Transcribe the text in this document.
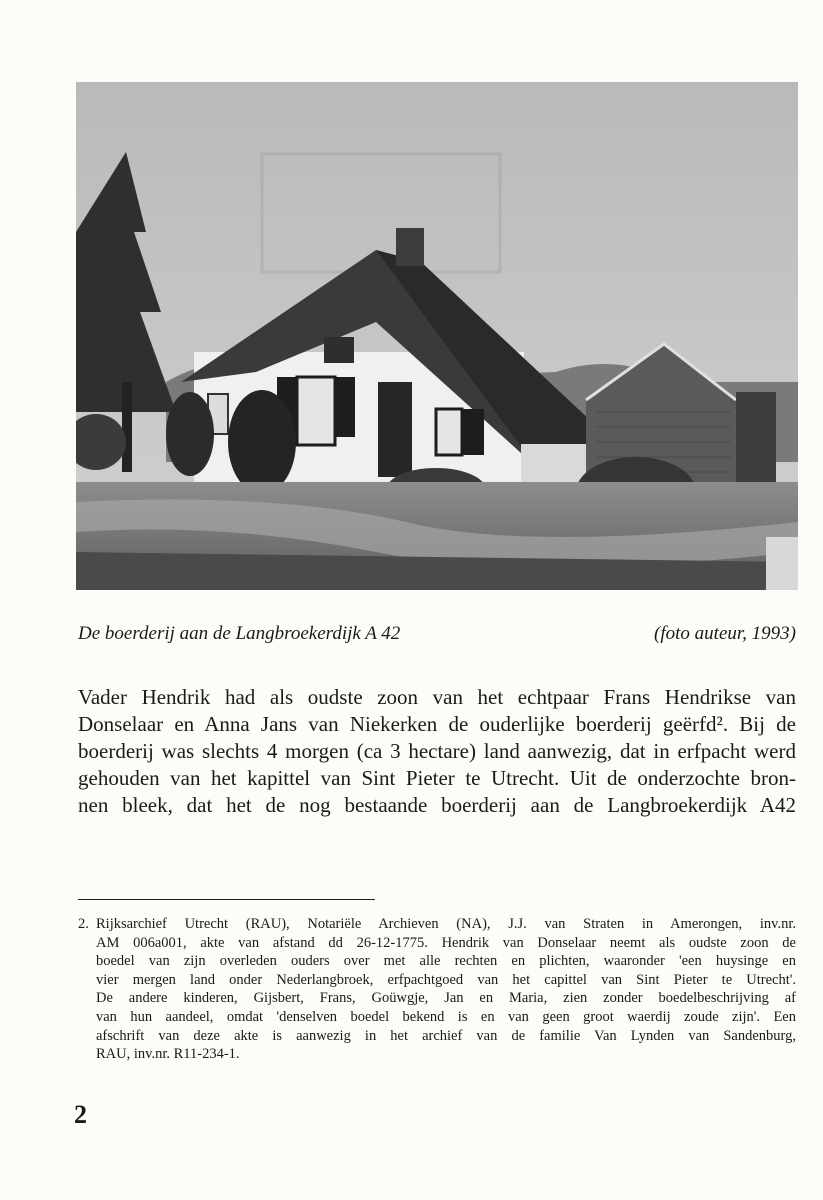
De boerderij aan de Langbroekerdijk A 42	(foto auteur, 1993)

Vader Hendrik had als oudste zoon van het echtpaar Frans Hendrikse van
Donselaar en Anna Jans van Niekerken de ouderlijke boerderij geërfd². Bij de
boerderij was slechts 4 morgen (ca 3 hectare) land aanwezig, dat in erfpacht werd
gehouden van het kapittel van Sint Pieter te Utrecht. Uit de onderzochte bron-
nen bleek, dat het de nog bestaande boerderij aan de Langbroekerdijk A42

2. Rijksarchief Utrecht (RAU), Notariële Archieven (NA), J.J. van Straten in Amerongen, inv.nr.
AM 006a001, akte van afstand dd 26-12-1775. Hendrik van Donselaar neemt als oudste zoon de
boedel van zijn overleden ouders over met alle rechten en plichten, waaronder 'een huysinge en
vier mergen land onder Nederlangbroek, erfpachtgoed van het capittel van Sint Pieter te Utrecht'.
De andere kinderen, Gijsbert, Frans, Goüwgje, Jan en Maria, zien zonder boedelbeschrijving af
van hun aandeel, omdat 'denselven boedel bekend is en van geen groot waerdij zoude zijn'. Een
afschrift van deze akte is aanwezig in het archief van de familie Van Lynden van Sandenburg,
RAU, inv.nr. R11-234-1.
2
